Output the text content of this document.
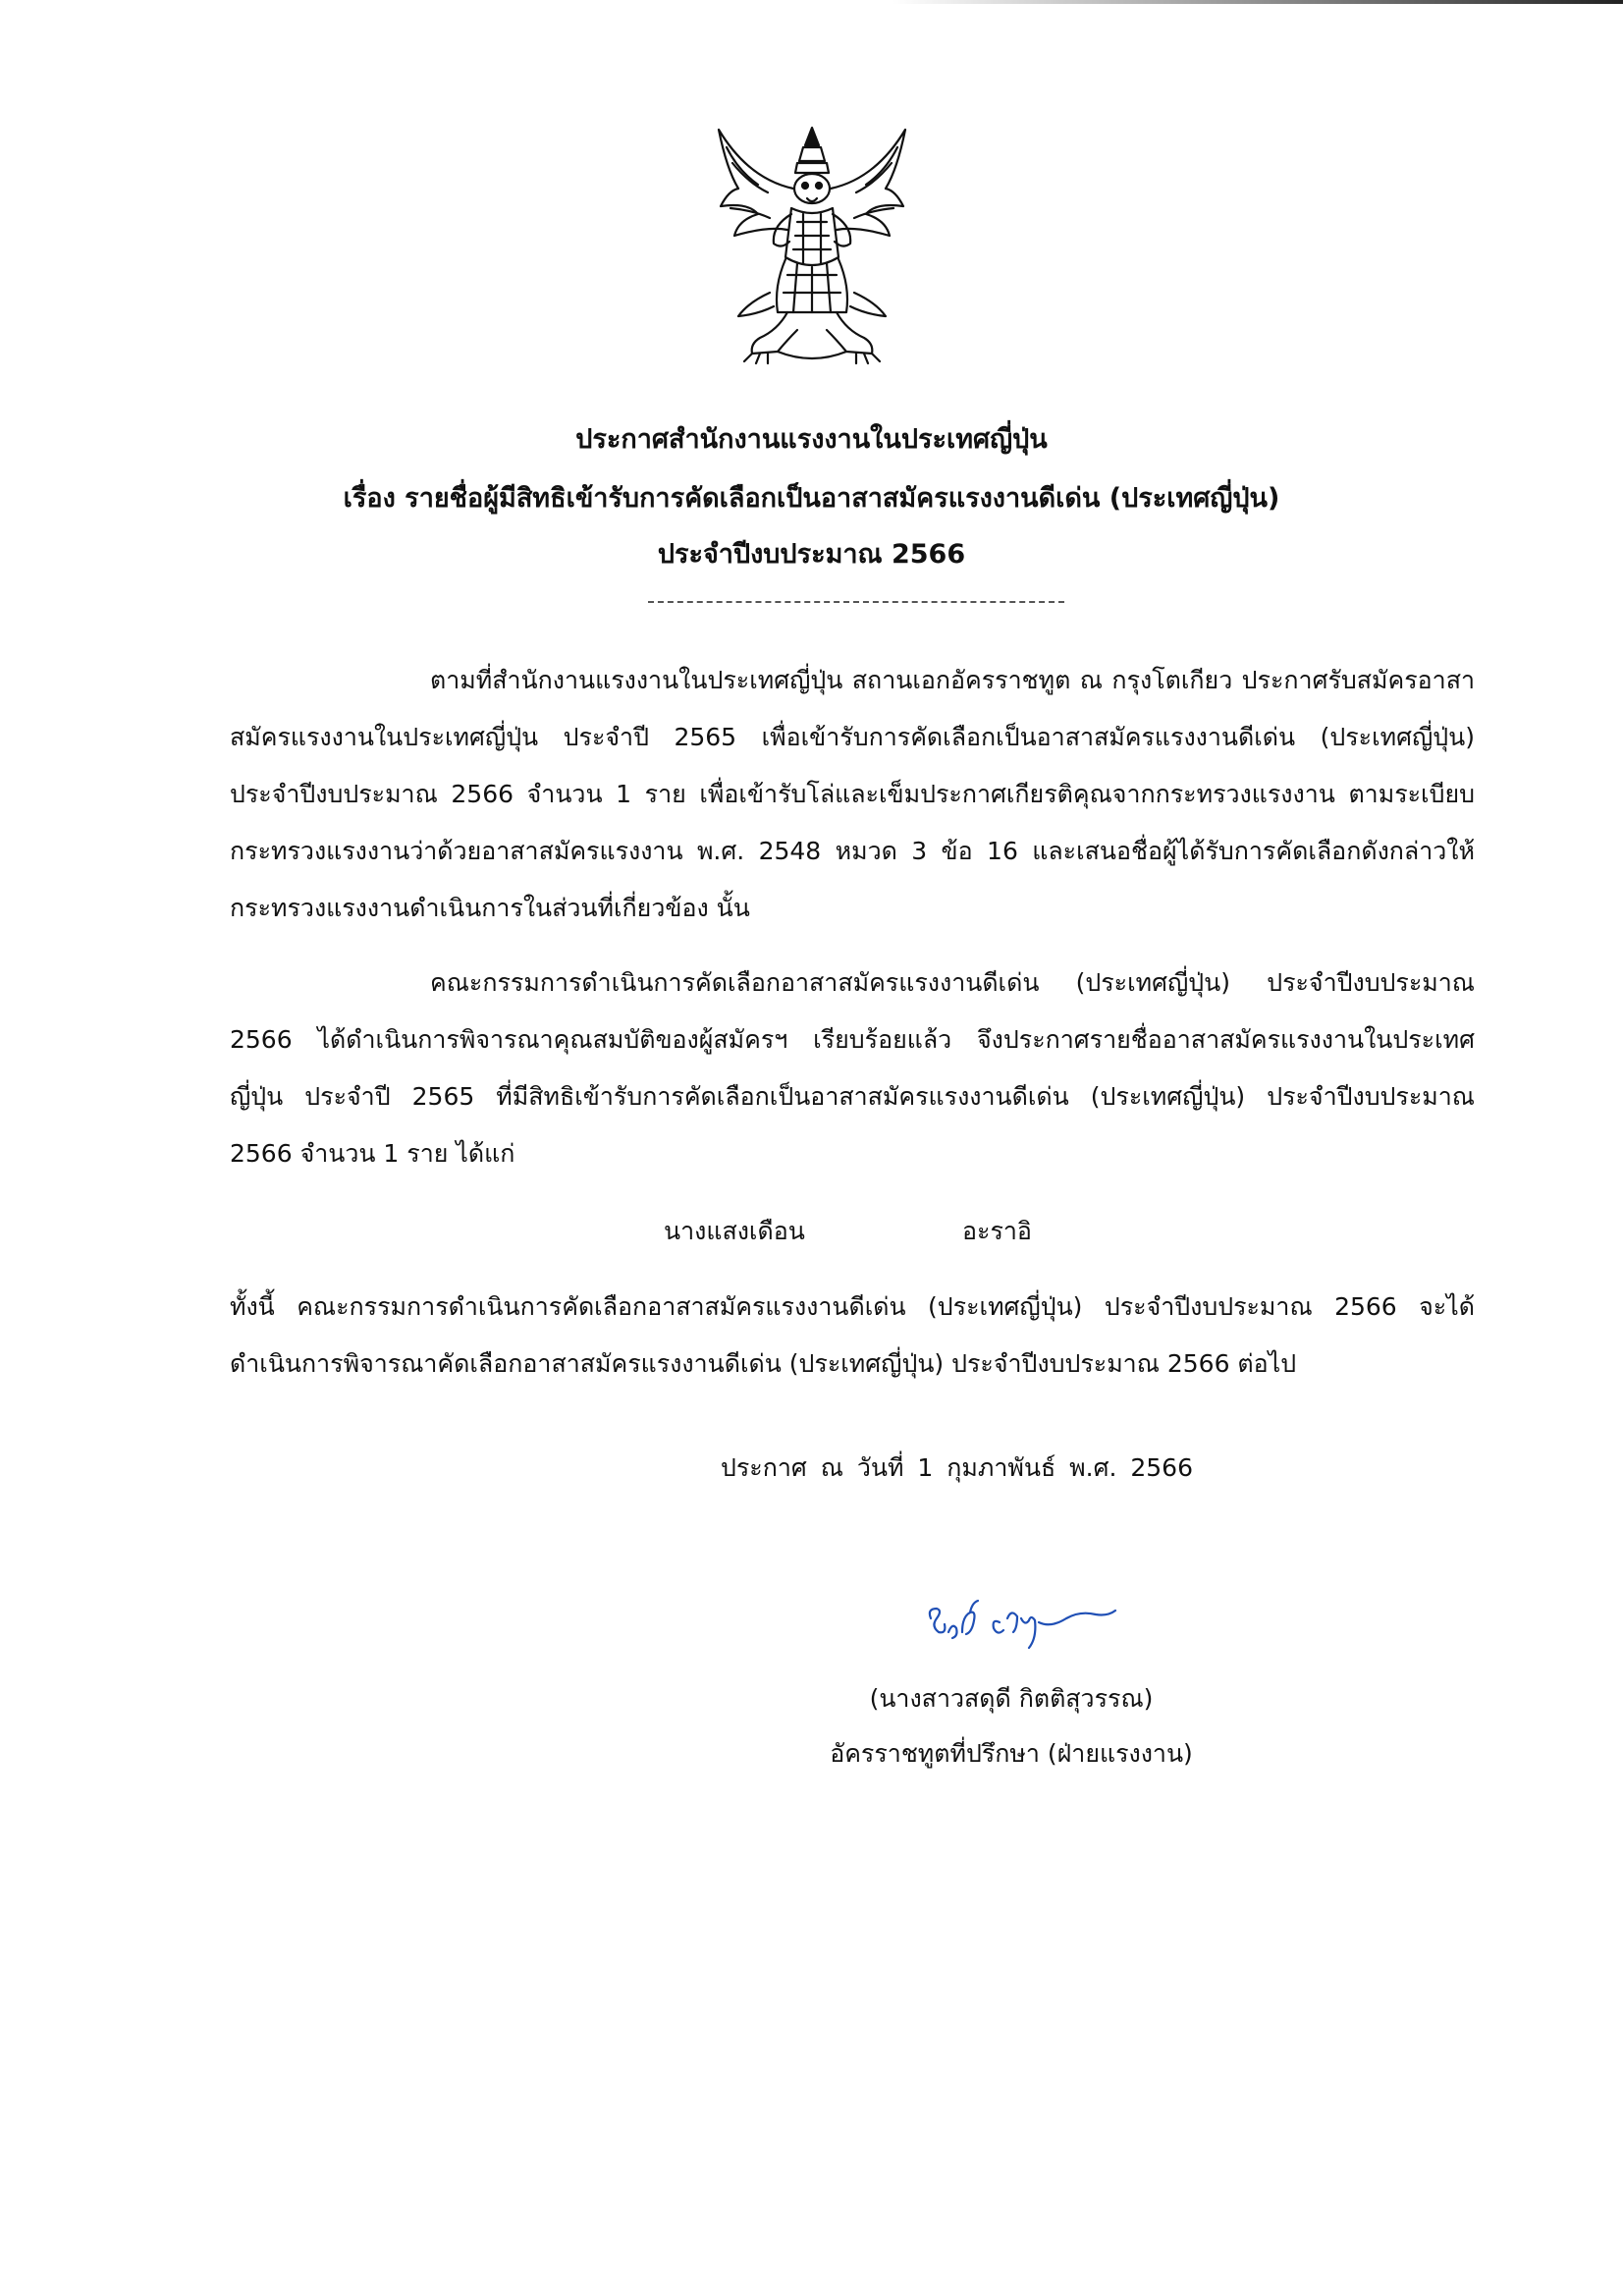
ประกาศสำนักงานแรงงานในประเทศญี่ปุ่น
เรื่อง รายชื่อผู้มีสิทธิเข้ารับการคัดเลือกเป็นอาสาสมัครแรงงานดีเด่น (ประเทศญี่ปุ่น)
ประจำปีงบประมาณ 2566
ตามที่สำนักงานแรงงานในประเทศญี่ปุ่น สถานเอกอัครราชทูต ณ กรุงโตเกียว ประกาศรับสมัครอาสาสมัครแรงงานในประเทศญี่ปุ่น ประจำปี 2565 เพื่อเข้ารับการคัดเลือกเป็นอาสาสมัครแรงงานดีเด่น (ประเทศญี่ปุ่น) ประจำปีงบประมาณ 2566 จำนวน 1 ราย เพื่อเข้ารับโล่และเข็มประกาศเกียรติคุณจากกระทรวงแรงงาน ตามระเบียบกระทรวงแรงงานว่าด้วยอาสาสมัครแรงงาน พ.ศ. 2548 หมวด 3 ข้อ 16 และเสนอชื่อผู้ได้รับการคัดเลือกดังกล่าวให้กระทรวงแรงงานดำเนินการในส่วนที่เกี่ยวข้อง นั้น
คณะกรรมการดำเนินการคัดเลือกอาสาสมัครแรงงานดีเด่น (ประเทศญี่ปุ่น) ประจำปีงบประมาณ 2566 ได้ดำเนินการพิจารณาคุณสมบัติของผู้สมัครฯ เรียบร้อยแล้ว จึงประกาศรายชื่ออาสาสมัครแรงงานในประเทศญี่ปุ่น ประจำปี 2565 ที่มีสิทธิเข้ารับการคัดเลือกเป็นอาสาสมัครแรงงานดีเด่น (ประเทศญี่ปุ่น) ประจำปีงบประมาณ 2566 จำนวน 1 ราย ได้แก่
นางแสงเดือน	อะราอิ
ทั้งนี้ คณะกรรมการดำเนินการคัดเลือกอาสาสมัครแรงงานดีเด่น (ประเทศญี่ปุ่น) ประจำปีงบประมาณ 2566 จะได้ดำเนินการพิจารณาคัดเลือกอาสาสมัครแรงงานดีเด่น (ประเทศญี่ปุ่น) ประจำปีงบประมาณ 2566 ต่อไป
ประกาศ ณ วันที่ 1 กุมภาพันธ์ พ.ศ. 2566
(นางสาวสดุดี กิตติสุวรรณ)
อัครราชทูตที่ปรึกษา (ฝ่ายแรงงาน)
